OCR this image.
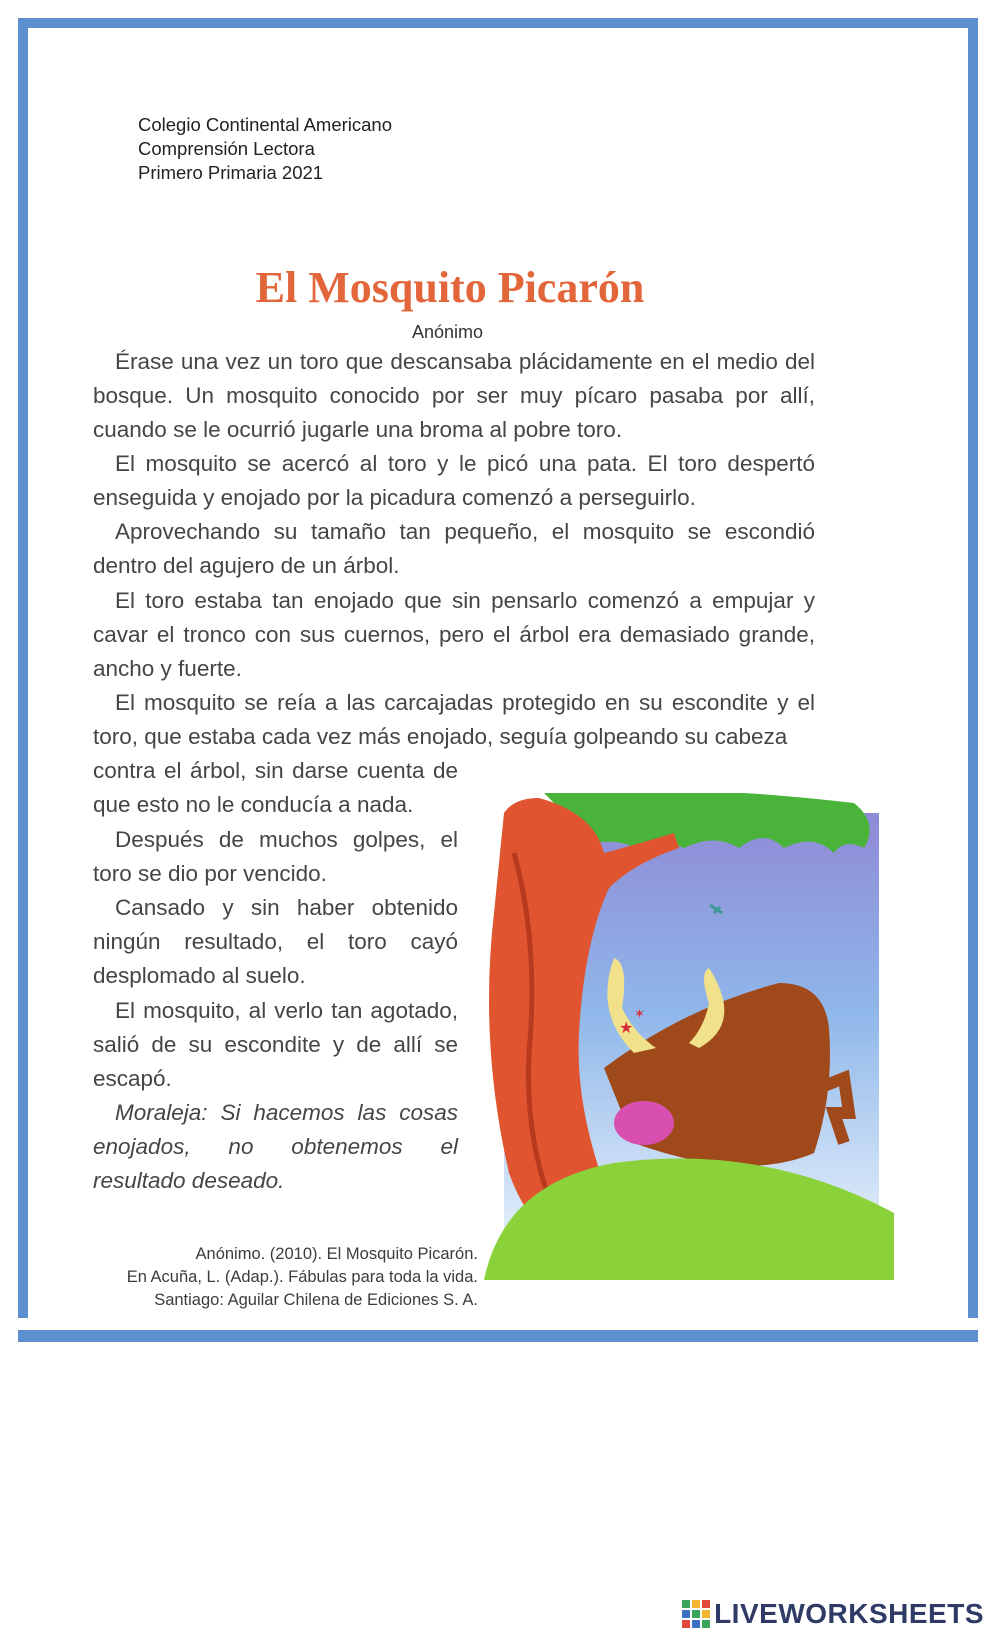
Colegio Continental Americano
Comprensión Lectora
Primero Primaria 2021
El Mosquito Picarón
Anónimo

Érase una vez un toro que descansaba plácidamente en el medio del bosque. Un mosquito conocido por ser muy pícaro pasaba por allí, cuando se le ocurrió jugarle una broma al pobre toro.

El mosquito se acercó al toro y le picó una pata. El toro despertó enseguida y enojado por la picadura comenzó a perseguirlo.

Aprovechando su tamaño tan pequeño, el mosquito se escondió dentro del agujero de un árbol.

El toro estaba tan enojado que sin pensarlo comenzó a empujar y cavar el tronco con sus cuernos, pero el árbol era demasiado grande, ancho y fuerte.

El mosquito se reía a las carcajadas protegido en su escondite y el toro, que estaba cada vez más enojado, seguía golpeando su cabeza

contra el árbol, sin darse cuenta de que esto no le conducía a nada.

Después de muchos golpes, el toro se dio por vencido.

Cansado y sin haber obtenido ningún resultado, el toro cayó desplomado al suelo.

El mosquito, al verlo tan agotado, salió de su escondite y de allí se escapó.

Moraleja: Si hacemos las cosas enojados, no obtenemos el resultado deseado.

Anónimo. (2010). El Mosquito Picarón.
En Acuña, L. (Adap.). Fábulas para toda la vida.
Santiago: Aguilar Chilena de Ediciones S. A.
★
✶
LIVEWORKSHEETS
